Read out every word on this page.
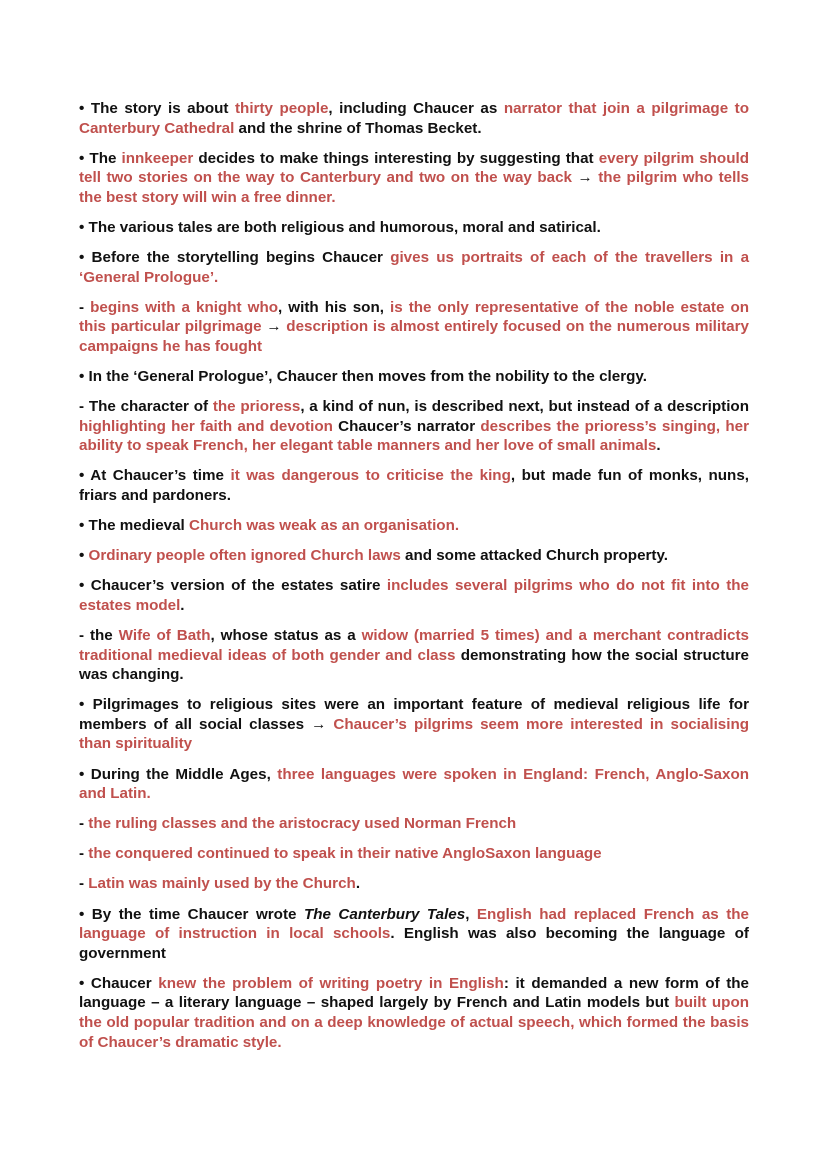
• The story is about thirty people, including Chaucer as narrator that join a pilgrimage to Canterbury Cathedral and the shrine of Thomas Becket.

• The innkeeper decides to make things interesting by suggesting that every pilgrim should tell two stories on the way to Canterbury and two on the way back → the pilgrim who tells the best story will win a free dinner.

• The various tales are both religious and humorous, moral and satirical.

• Before the storytelling begins Chaucer gives us portraits of each of the travellers in a ‘General Prologue’.

- begins with a knight who, with his son, is the only representative of the noble estate on this particular pilgrimage → description is almost entirely focused on the numerous military campaigns he has fought

• In the ‘General Prologue’, Chaucer then moves from the nobility to the clergy.

- The character of the prioress, a kind of nun, is described next, but instead of a description highlighting her faith and devotion Chaucer’s narrator describes the prioress’s singing, her ability to speak French, her elegant table manners and her love of small animals.

• At Chaucer’s time it was dangerous to criticise the king, but made fun of monks, nuns, friars and pardoners.

• The medieval Church was weak as an organisation.

• Ordinary people often ignored Church laws and some attacked Church property.

• Chaucer’s version of the estates satire includes several pilgrims who do not fit into the estates model.

- the Wife of Bath, whose status as a widow (married 5 times) and a merchant contradicts traditional medieval ideas of both gender and class demonstrating how the social structure was changing.

• Pilgrimages to religious sites were an important feature of medieval religious life for members of all social classes → Chaucer’s pilgrims seem more interested in socialising than spirituality

• During the Middle Ages, three languages were spoken in England: French, Anglo-Saxon and Latin.

- the ruling classes and the aristocracy used Norman French

- the conquered continued to speak in their native AngloSaxon language

- Latin was mainly used by the Church.

• By the time Chaucer wrote The Canterbury Tales, English had replaced French as the language of instruction in local schools. English was also becoming the language of government

• Chaucer knew the problem of writing poetry in English: it demanded a new form of the language – a literary language – shaped largely by French and Latin models but built upon the old popular tradition and on a deep knowledge of actual speech, which formed the basis of Chaucer’s dramatic style.
